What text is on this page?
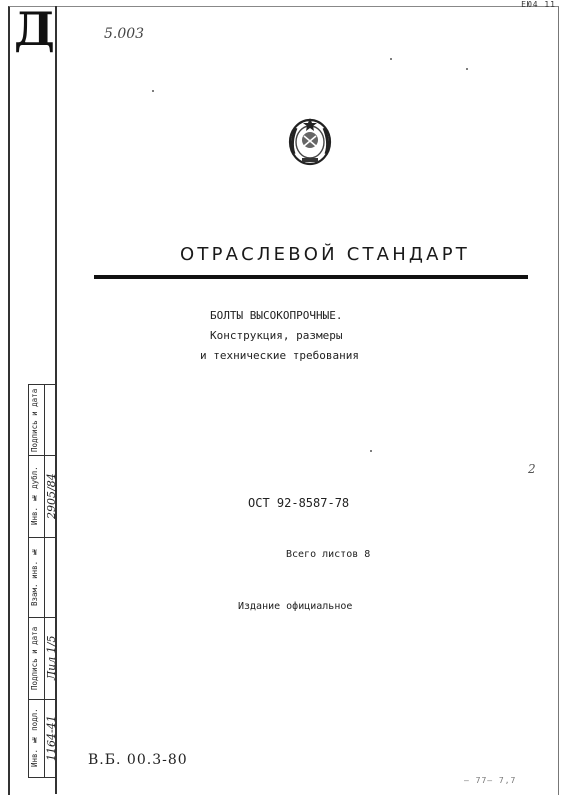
EЮ4 11
Д	5.003
ОТРАСЛЕВОЙ СТАНДАРТ
БОЛТЫ ВЫСОКОПРОЧНЫЕ.
Конструкция, размеры
и технические требования
ОСТ 92-8587-78
Всего листов 8
Издание официальное
2
В.Б. 00.3-80
— 77— 7,7
Подпись и дата
Инв. № дубл. 2905/84
Взам. инв. №
Подпись и дата Лил 1/5
Инв. № подл. 1164-41
